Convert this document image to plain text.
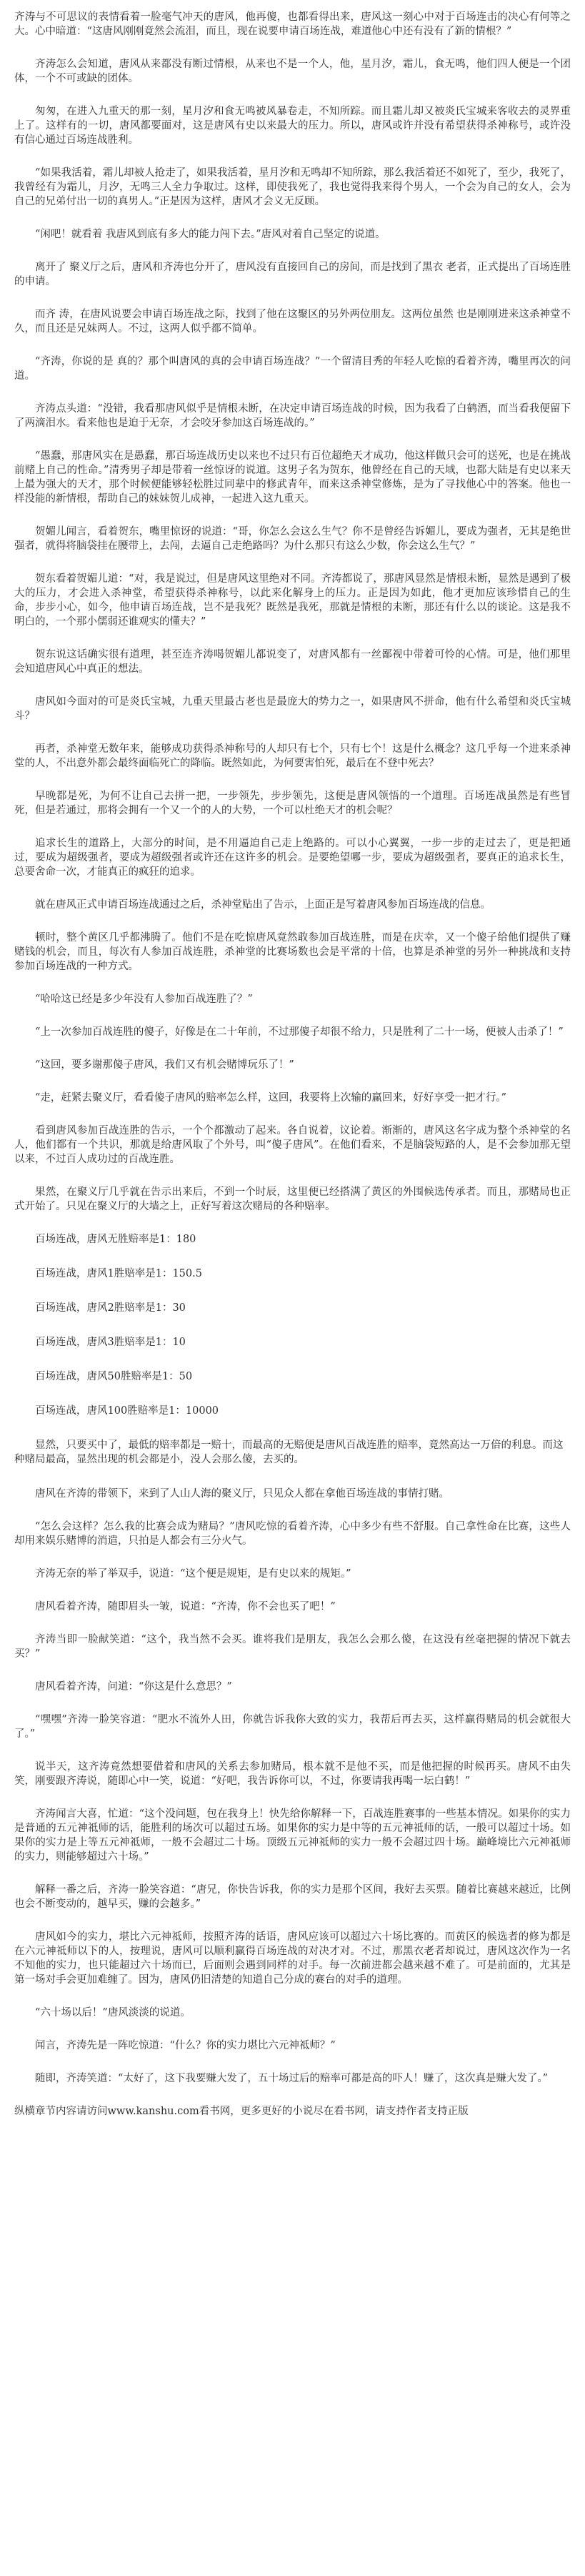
齐涛与不可思议的表情看着一脸毫气冲天的唐风，他再傻，也都看得出来，唐风这一刻心中对于百场连击的决心有何等之大。心中暗道：“这唐风刚刚竟然会流泪，而且，现在说要申请百场连战，难道他心中还有没有了新的情根？”

齐涛怎么会知道，唐风从来都没有断过情根，从来也不是一个人，他，星月汐，霜儿，食无鸣，他们四人便是一个团体，一个不可或缺的团体。

匆匆，在进入九重天的那一刻，星月汐和食无鸣被风暴卷走，不知所踪。而且霜儿却又被炎氏宝城来客收去的灵界重上了。这样有的一切，唐风都要面对，这是唐风有史以来最大的压力。所以，唐风或许并没有希望获得杀神称号，或许没有信心通过百场连战胜利。

“如果我活着，霜儿却被人抢走了，如果我活着，星月汐和无鸣却不知所踪，那么我活着还不如死了，至少，我死了，我曾经有为霜儿，月汐，无鸣三人全力争取过。这样，即使我死了，我也觉得我来得个男人，一个会为自己的女人，会为自己的兄弟付出一切的真男人。”正是因为这样，唐风才会义无反顾。

“闲吧！就看着 我唐风到底有多大的能力闯下去。”唐风对着自己坚定的说道。

离开了 聚义厅之后，唐风和齐涛也分开了，唐风没有直接回自己的房间，而是找到了黑衣 老者，正式提出了百场连胜的申请。

而齐 涛，在唐风说要会申请百场连战之际，找到了他在这聚区的另外两位朋友。这两位虽然 也是刚刚进来这杀神堂不久，而且还是兄妹两人。不过，这两人似乎都不简单。

“齐涛，你说的是 真的？那个叫唐风的真的会申请百场连战？”一个留清目秀的年轻人吃惊的看着齐涛，嘴里再次的问道。

齐涛点头道：“没错，我看那唐风似乎是情根未断，在决定申请百场连战的时候，因为我看了白鹤酒，而当看我便留下了两滴泪水。看来他也是迫于无奈，才会咬牙参加这百场连战的。”

“愚蠢，那唐风实在是愚蠢，那百场连战历史以来也不过只有百位超绝天才成功，他这样做只会可的送死，也是在挑战前赌上自己的性命。”清秀男子却是带着一丝惊讶的说道。这男子名为贺东，他曾经在自己的天域，也都大陆是有史以来天上最为强大的天才，那个时候便能够轻松胜过同辈中的修武青年，而来这杀神堂修炼，是为了寻找他心中的答案。他也一样没能的新情根，帮助自己的妹妹贺儿成神，一起进入这九重天。

贺媚儿闻言，看着贺东，嘴里惊讶的说道：“哥，你怎么会这么生气？你不是曾经告诉媚儿，要成为强者，无其是绝世强者，就得将脑袋挂在腰带上，去闯，去逼自己走绝路吗？为什么那只有这么少数，你会这么生气？”

贺东看着贺媚儿道：“对，我是说过，但是唐风这里绝对不同。齐涛都说了，那唐风显然是情根未断，显然是遇到了极大的压力，才会进入杀神堂，希望获得杀神称号，以此来化解身上的压力。正是因为如此，他才更加应该珍惜自己的生命，步步小心，如今，他申请百场连战，岂不是我死？既然是我死，那就是情根的未断，那还有什么以的谈论。这是我不明白的，一个那小儒弱还谁观实的懂夫？”

贺东说这话确实很有道理，甚至连齐涛喝贺媚儿都说变了，对唐风都有一丝鄙视中带着可怜的心情。可是，他们那里会知道唐风心中真正的想法。

唐风如今面对的可是炎氏宝城，九重天里最古老也是最庞大的势力之一，如果唐风不拼命，他有什么希望和炎氏宝城斗？

再者，杀神堂无数年来，能够成功获得杀神称号的人却只有七个，只有七个！这是什么概念？这几乎每一个进来杀神堂的人，不出意外都会最终面临死亡的降临。既然如此，为何要害怕死，最后在不登中死去？

早晚都是死，为何不让自己去拼一把，一步领先，步步领先，这便是唐风领悟的一个道理。百场连战虽然是有些冒死，但是若通过，那将会拥有一个又一个的人的大势，一个可以杜绝天才的机会呢？

追求长生的道路上，大部分的时间，是不用逼迫自己走上绝路的。可以小心翼翼，一步一步的走过去了，更是把通过，要成为超级强者，要成为超级强者或许还在这许多的机会。是要绝望哪一步，要成为超级强者，要真正的追求长生，总要舍命一次，才能真正的疯狂的追求。

就在唐风正式申请百场连战通过之后，杀神堂贴出了告示，上面正是写着唐风参加百场连战的信息。

顿时，整个黄区几乎都沸腾了。他们不是在吃惊唐风竟然敢参加百战连胜，而是在庆幸，又一个傻子给他们提供了赚赌钱的机会，而且，每次有人参加百战连胜，杀神堂的比赛场数也会是平常的十倍，也算是杀神堂的另外一种挑战和支持参加百场连战的一种方式。

“哈哈这已经是多少年没有人参加百战连胜了？”

“上一次参加百战连胜的傻子，好像是在二十年前，不过那傻子却很不给力，只是胜利了二十一场，便被人击杀了！”

“这回，要多谢那傻子唐风，我们又有机会赌博玩乐了！”

“走，赶紧去聚义厅，看看傻子唐风的赔率怎么样，这回，我要将上次输的赢回来，好好享受一把才行。”

看到唐风参加百战连胜的告示，一个个都激动了起来。各自说着，议论着。渐渐的，唐风这名字成为整个杀神堂的名人，他们都有一个共识，那就是给唐风取了个外号，叫“傻子唐风”。在他们看来，不是脑袋短路的人，是不会参加那无望以来，不过百人成功过的百战连胜。

果然，在聚义厅几乎就在告示出来后，不到一个时辰，这里便已经搭满了黄区的外围候选传承者。而且，那赌局也正式开始了。只见在聚义厅的大墙之上，正好写着这次赌局的各种赔率。

百场连战，唐风无胜赔率是1：180

百场连战，唐风1胜赔率是1：150.5

百场连战，唐风2胜赔率是1：30

百场连战，唐风3胜赔率是1：10

百场连战，唐风50胜赔率是1：50

百场连战，唐风100胜赔率是1：10000

显然，只要买中了，最低的赔率都是一赔十，而最高的无赔便是唐风百战连胜的赔率，竟然高达一万倍的利息。而这种赌局最高，显然出现的机会都是小，没人会那么傻，去买的。

唐风在齐涛的带领下，来到了人山人海的聚义厅，只见众人都在拿他百场连战的事情打赌。

“怎么会这样？怎么我的比赛会成为赌局？”唐风吃惊的看着齐涛，心中多少有些不舒服。自己拿性命在比赛，这些人却用来娱乐赌博的消遣，只拍是人都会有三分火气。

齐涛无奈的举了举双手，说道：“这个便是规矩，是有史以来的规矩。”

唐风看着齐涛，随即眉头一皱，说道：“齐涛，你不会也买了吧！”

齐涛当即一脸献笑道：“这个，我当然不会买。谁将我们是朋友，我怎么会那么傻，在这没有丝毫把握的情况下就去买？”

唐风看着齐涛，问道：“你这是什么意思？”

“嘿嘿”齐涛一脸笑容道：“肥水不流外人田，你就告诉我你大致的实力，我帮后再去买，这样赢得赌局的机会就很大了。”

说半天，这齐涛竟然想要借着和唐风的关系去参加赌局，根本就不是他不买，而是他把握的时候再买。唐风不由失笑，刚要跟齐涛说，随即心中一笑，说道：“好吧，我告诉你可以，不过，你要请我再喝一坛白鹤！”

齐涛闻言大喜，忙道：“这个没问题，包在我身上！快先给你解释一下，百战连胜赛事的一些基本情况。如果你的实力是普通的五元神祗师的话，能胜利的场次可以超过五场。如果你的实力是中等的五元神祗师的话，一般可以超过十场。如果你的实力是上等五元神祗师，一般不会超过二十场。顶级五元神祗师的实力一般不会超过四十场。巅峰境比六元神祗师的实力，则能够超过六十场。”

解释一番之后，齐涛一脸笑容道：“唐兄，你快告诉我，你的实力是那个区间，我好去买票。随着比赛越来越近，比例也会不断变动的，越早买，赚的会越多。”

唐风如今的实力，堪比六元神祗师，按照齐涛的话语，唐风应该可以超过六十场比赛的。而黄区的候选者的修为都是在六元神祗师以下的人，按理说，唐风可以顺利赢得百场连战的对决才对。不过，那黑衣老者却说过，唐风这次作为一名不知他的实力，也只能超过六十场而已，后面则会遇到同样的对手。每一次前进都会越来越不难了。可是前面的，尤其是第一场对手会更加难缠了。因为，唐风仍旧清楚的知道自己分成的赛台的对手的道理。

“六十场以后！”唐风淡淡的说道。

闻言，齐涛先是一阵吃惊道：“什么？你的实力堪比六元神祗师？”

随即，齐涛笑道：“太好了，这下我要赚大发了，五十场过后的赔率可都是高的吓人！赚了，这次真是赚大发了。”

纵横章节内容请访问www.kanshu.com看书网，更多更好的小说尽在看书网，请支持作者支持正版
